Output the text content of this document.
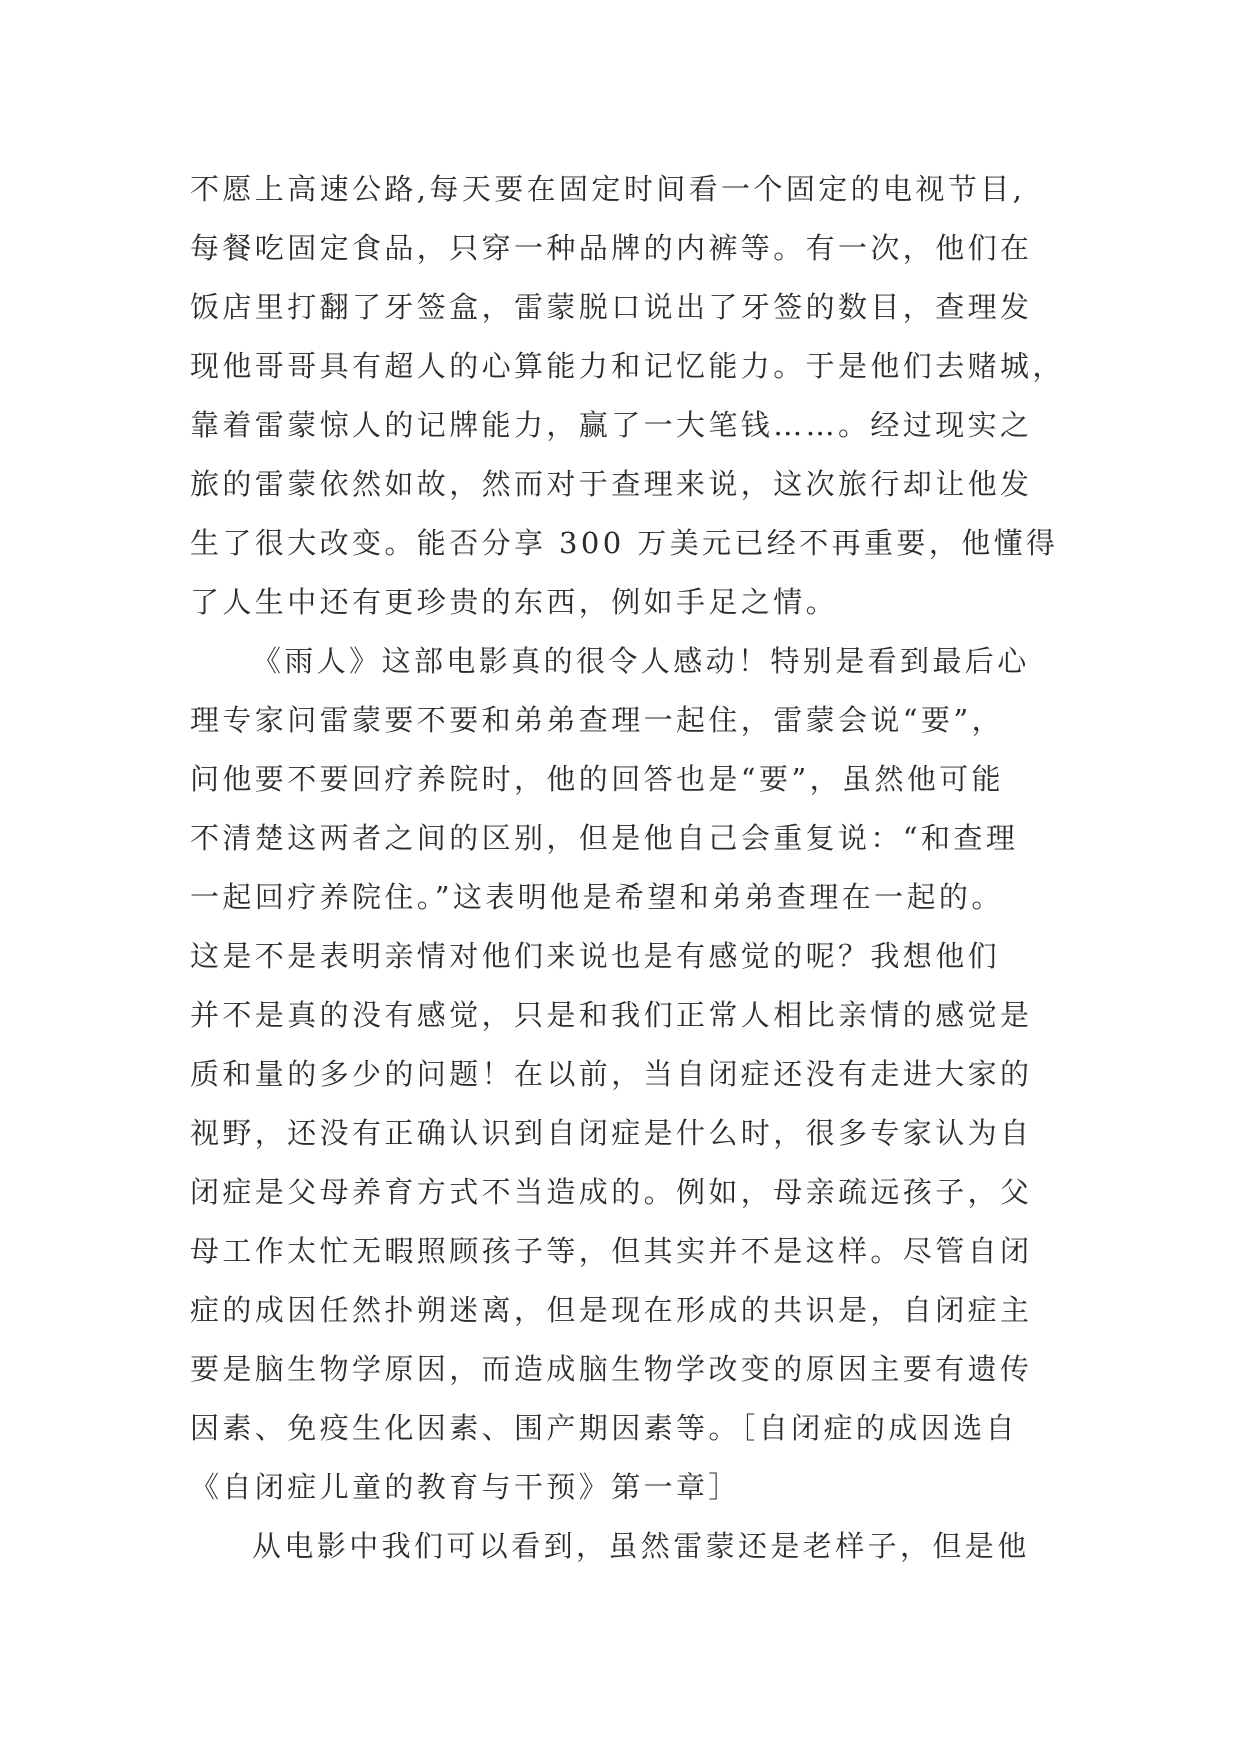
不愿上高速公路,每天要在固定时间看一个固定的电视节目,
每餐吃固定食品，只穿一种品牌的内裤等。有一次，他们在
饭店里打翻了牙签盒，雷蒙脱口说出了牙签的数目，查理发
现他哥哥具有超人的心算能力和记忆能力。于是他们去赌城，
靠着雷蒙惊人的记牌能力，赢了一大笔钱……。经过现实之
旅的雷蒙依然如故，然而对于查理来说，这次旅行却让他发
生了很大改变。能否分享 300 万美元已经不再重要，他懂得
了人生中还有更珍贵的东西，例如手足之情。
《雨人》这部电影真的很令人感动！特别是看到最后心
理专家问雷蒙要不要和弟弟查理一起住，雷蒙会说“要”，
问他要不要回疗养院时，他的回答也是“要”，虽然他可能
不清楚这两者之间的区别，但是他自己会重复说：“和查理
一起回疗养院住。”这表明他是希望和弟弟查理在一起的。
这是不是表明亲情对他们来说也是有感觉的呢？我想他们
并不是真的没有感觉，只是和我们正常人相比亲情的感觉是
质和量的多少的问题！在以前，当自闭症还没有走进大家的
视野，还没有正确认识到自闭症是什么时，很多专家认为自
闭症是父母养育方式不当造成的。例如，母亲疏远孩子，父
母工作太忙无暇照顾孩子等，但其实并不是这样。尽管自闭
症的成因任然扑朔迷离，但是现在形成的共识是，自闭症主
要是脑生物学原因，而造成脑生物学改变的原因主要有遗传
因素、免疫生化因素、围产期因素等。［自闭症的成因选自
《自闭症儿童的教育与干预》第一章］
从电影中我们可以看到，虽然雷蒙还是老样子，但是他
